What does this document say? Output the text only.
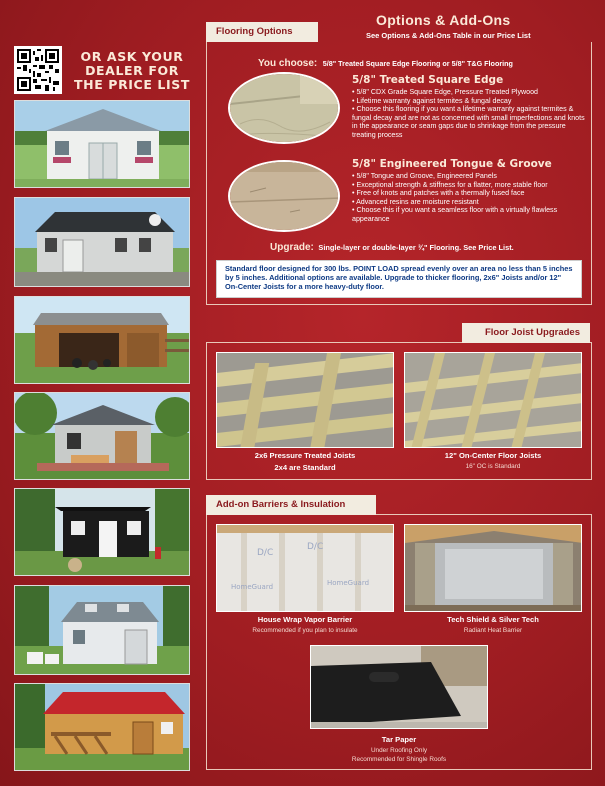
OR ASK YOUR DEALER FOR THE PRICE LIST
Options & Add-Ons
See Options & Add-Ons Table in our Price List
Flooring Options
You choose: 5/8" Treated Square Edge Flooring or 5/8" T&G Flooring
5/8" Treated Square Edge
• 5/8" CDX Grade Square Edge, Pressure Treated Plywood
• Lifetime warranty against termites & fungal decay
• Choose this flooring if you want a lifetime warranty against termites & fungal decay and are not as concerned with small imperfections and knots in the appearance or seam gaps due to shrinkage from the pressure treating process
5/8" Engineered Tongue & Groove
• 5/8" Tongue and Groove, Engineered Panels
• Exceptional strength & stiffness for a flatter, more stable floor
• Free of knots and patches with a thermally fused face
• Advanced resins are moisture resistant
• Choose this if you want a seamless floor with a virtually flawless appearance
Upgrade: Single-layer or double-layer ¾" Flooring. See Price List.
Standard floor designed for 300 lbs. POINT LOAD spread evenly over an area no less than 5 inches by 5 inches. Additional options are available. Upgrade to thicker flooring, 2x6" Joists and/or 12" On-Center Joists for a more heavy-duty floor.
Floor Joist Upgrades
2x6 Pressure Treated Joists
2x4 are Standard
12" On-Center Floor Joists
16" OC is Standard
Add-on Barriers & Insulation
D/C
D/C
HomeGuard	HomeGuard
House Wrap Vapor Barrier
Recommended if you plan to insulate
Tech Shield & Silver Tech
Radiant Heat Barrier
Tar Paper
Under Roofing Only
Recommended for Shingle Roofs
